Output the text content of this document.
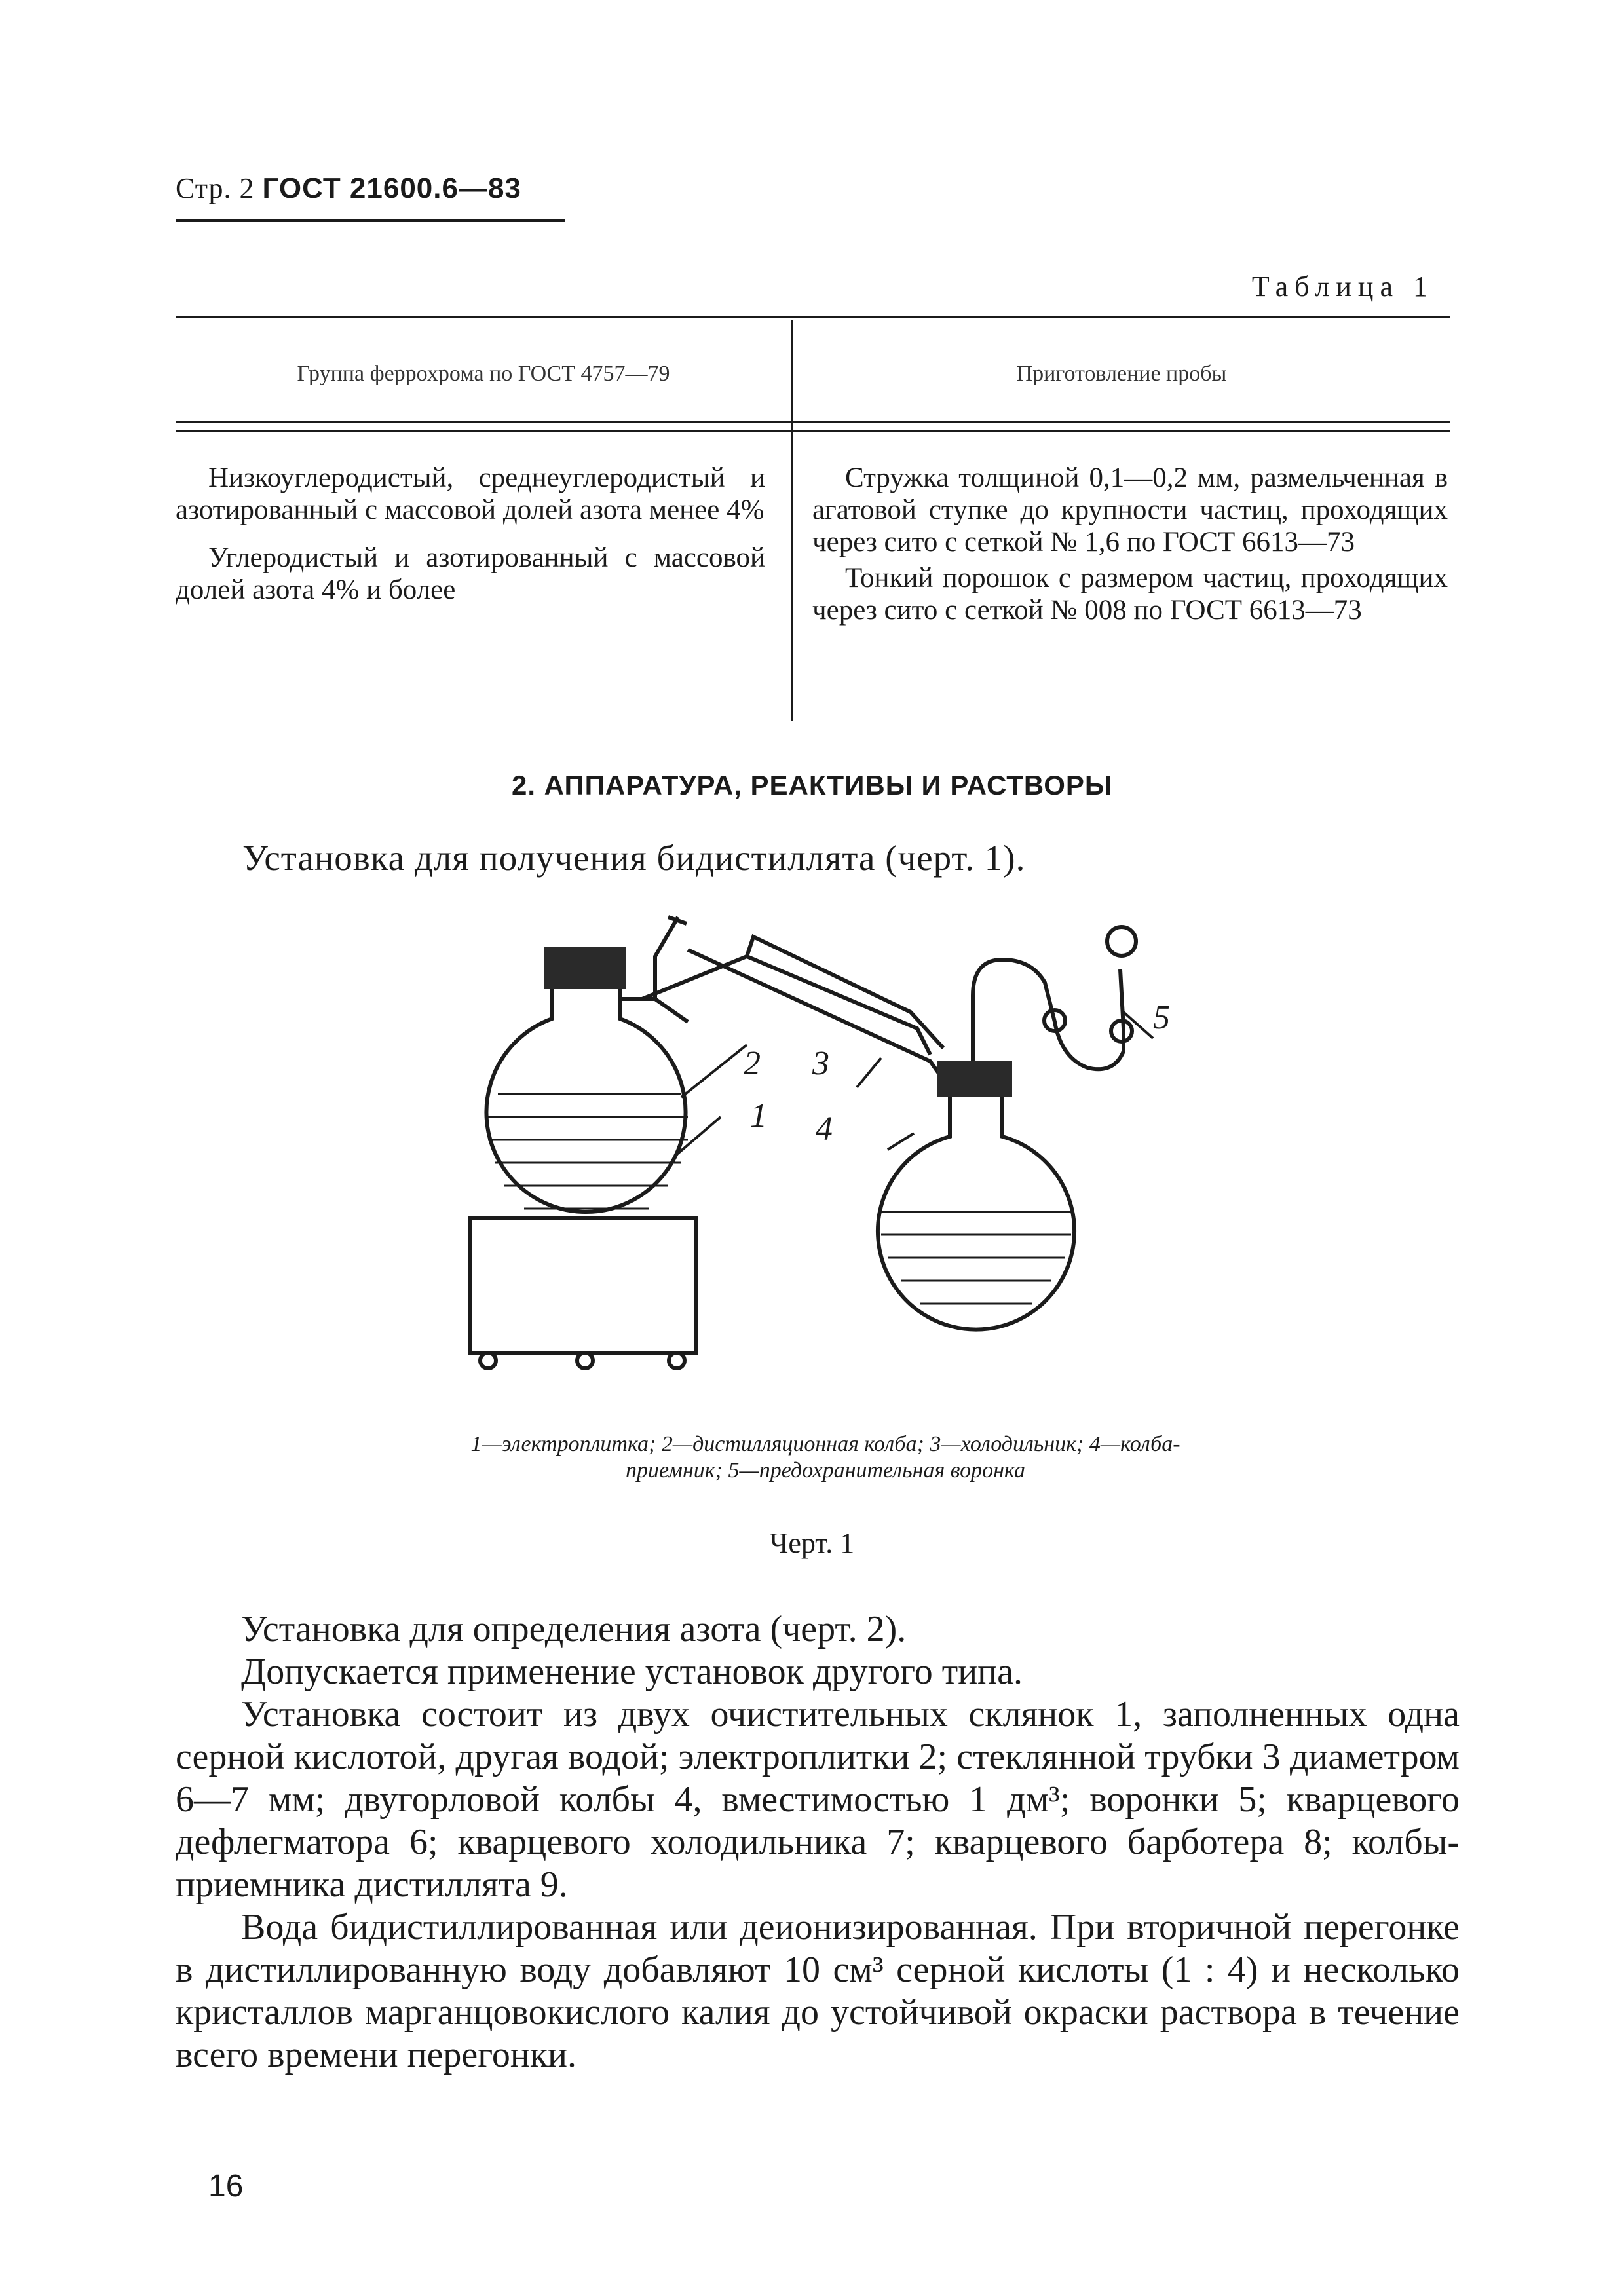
Стр. 2 ГОСТ 21600.6—83
Таблица 1
Группа феррохрома по ГОСТ 4757—79	Приготовление пробы

Низкоуглеродистый, среднеуглеродистый и азотированный с массовой долей азота менее 4%

Углеродистый и азотированный с массовой долей азота 4% и более

Стружка толщиной 0,1—0,2 мм, размельченная в агатовой ступке до крупности частиц, проходящих через сито с сеткой № 1,6 по ГОСТ 6613—73

Тонкий порошок с размером частиц, проходящих через сито с сеткой № 008 по ГОСТ 6613—73

2. АППАРАТУРА, РЕАКТИВЫ И РАСТВОРЫ
Установка для получения бидистиллята (черт. 1).
1
2 3
4
5
1—электроплитка; 2—дистилляционная колба; 3—холодильник; 4—колба-приемник; 5—предохранительная воронка
Черт. 1

Установка для определения азота (черт. 2).

Допускается применение установок другого типа.

Установка состоит из двух очистительных склянок 1, заполненных одна серной кислотой, другая водой; электроплитки 2; стеклянной трубки 3 диаметром 6—7 мм; двугорловой колбы 4, вместимостью 1 дм³; воронки 5; кварцевого дефлегматора 6; кварцевого холодильника 7; кварцевого барботера 8; колбы-приемника дистиллята 9.

Вода бидистиллированная или деионизированная. При вторичной перегонке в дистиллированную воду добавляют 10 см³ серной кислоты (1 : 4) и несколько кристаллов марганцовокислого калия до устойчивой окраски раствора в течение всего времени перегонки.

16
